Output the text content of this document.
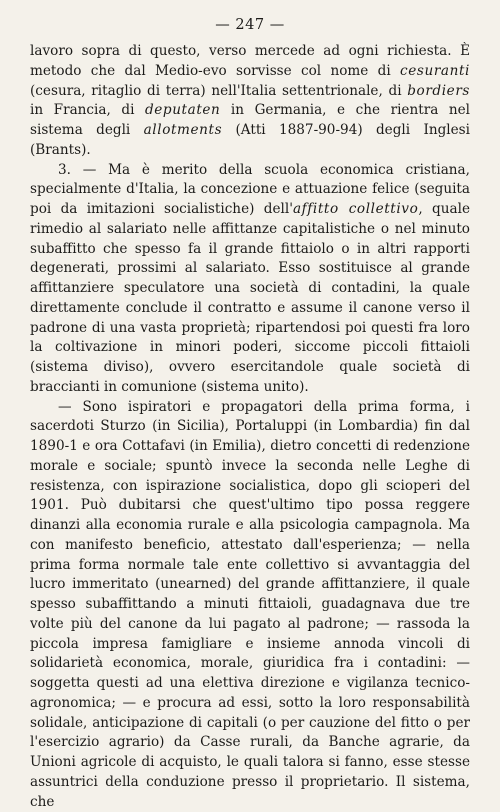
— 247 —

lavoro sopra di questo, verso mercede ad ogni richiesta. È metodo che dal Medio-evo sorvisse col nome di cesuranti (cesura, ritaglio di terra) nell'Italia settentrionale, di bordiers in Francia, di deputaten in Germania, e che rientra nel sistema degli allotments (Atti 1887-90-94) degli Inglesi (Brants).

3. — Ma è merito della scuola economica cristiana, specialmente d'Italia, la concezione e attuazione felice (seguita poi da imitazioni socialistiche) dell'affitto collettivo, quale rimedio al salariato nelle affittanze capitalistiche o nel minuto subaffitto che spesso fa il grande fittaiolo o in altri rapporti degenerati, prossimi al salariato. Esso sostituisce al grande affittanziere speculatore una società di contadini, la quale direttamente conclude il contratto e assume il canone verso il padrone di una vasta proprietà; ripartendosi poi questi fra loro la coltivazione in minori poderi, siccome piccoli fittaioli (sistema diviso), ovvero esercitandole quale società di braccianti in comunione (sistema unito).

— Sono ispiratori e propagatori della prima forma, i sacerdoti Sturzo (in Sicilia), Portaluppi (in Lombardia) fin dal 1890-1 e ora Cottafavi (in Emilia), dietro concetti di redenzione morale e sociale; spuntò invece la seconda nelle Leghe di resistenza, con ispirazione socialistica, dopo gli scioperi del 1901. Può dubitarsi che quest'ultimo tipo possa reggere dinanzi alla economia rurale e alla psicologia campagnola. Ma con manifesto beneficio, attestato dall'esperienza; — nella prima forma normale tale ente collettivo si avvantaggia del lucro immeritato (unearned) del grande affittanziere, il quale spesso subaffittando a minuti fittaioli, guadagnava due tre volte più del canone da lui pagato al padrone; — rassoda la piccola impresa famigliare e insieme annoda vincoli di solidarietà economica, morale, giuridica fra i contadini: — soggetta questi ad una elettiva direzione e vigilanza tecnico-agronomica; — e procura ad essi, sotto la loro responsabilità solidale, anticipazione di capitali (o per cauzione del fitto o per l'esercizio agrario) da Casse rurali, da Banche agrarie, da Unioni agricole di acquisto, le quali talora si fanno, esse stesse assuntrici della conduzione presso il proprietario. Il sistema, che
